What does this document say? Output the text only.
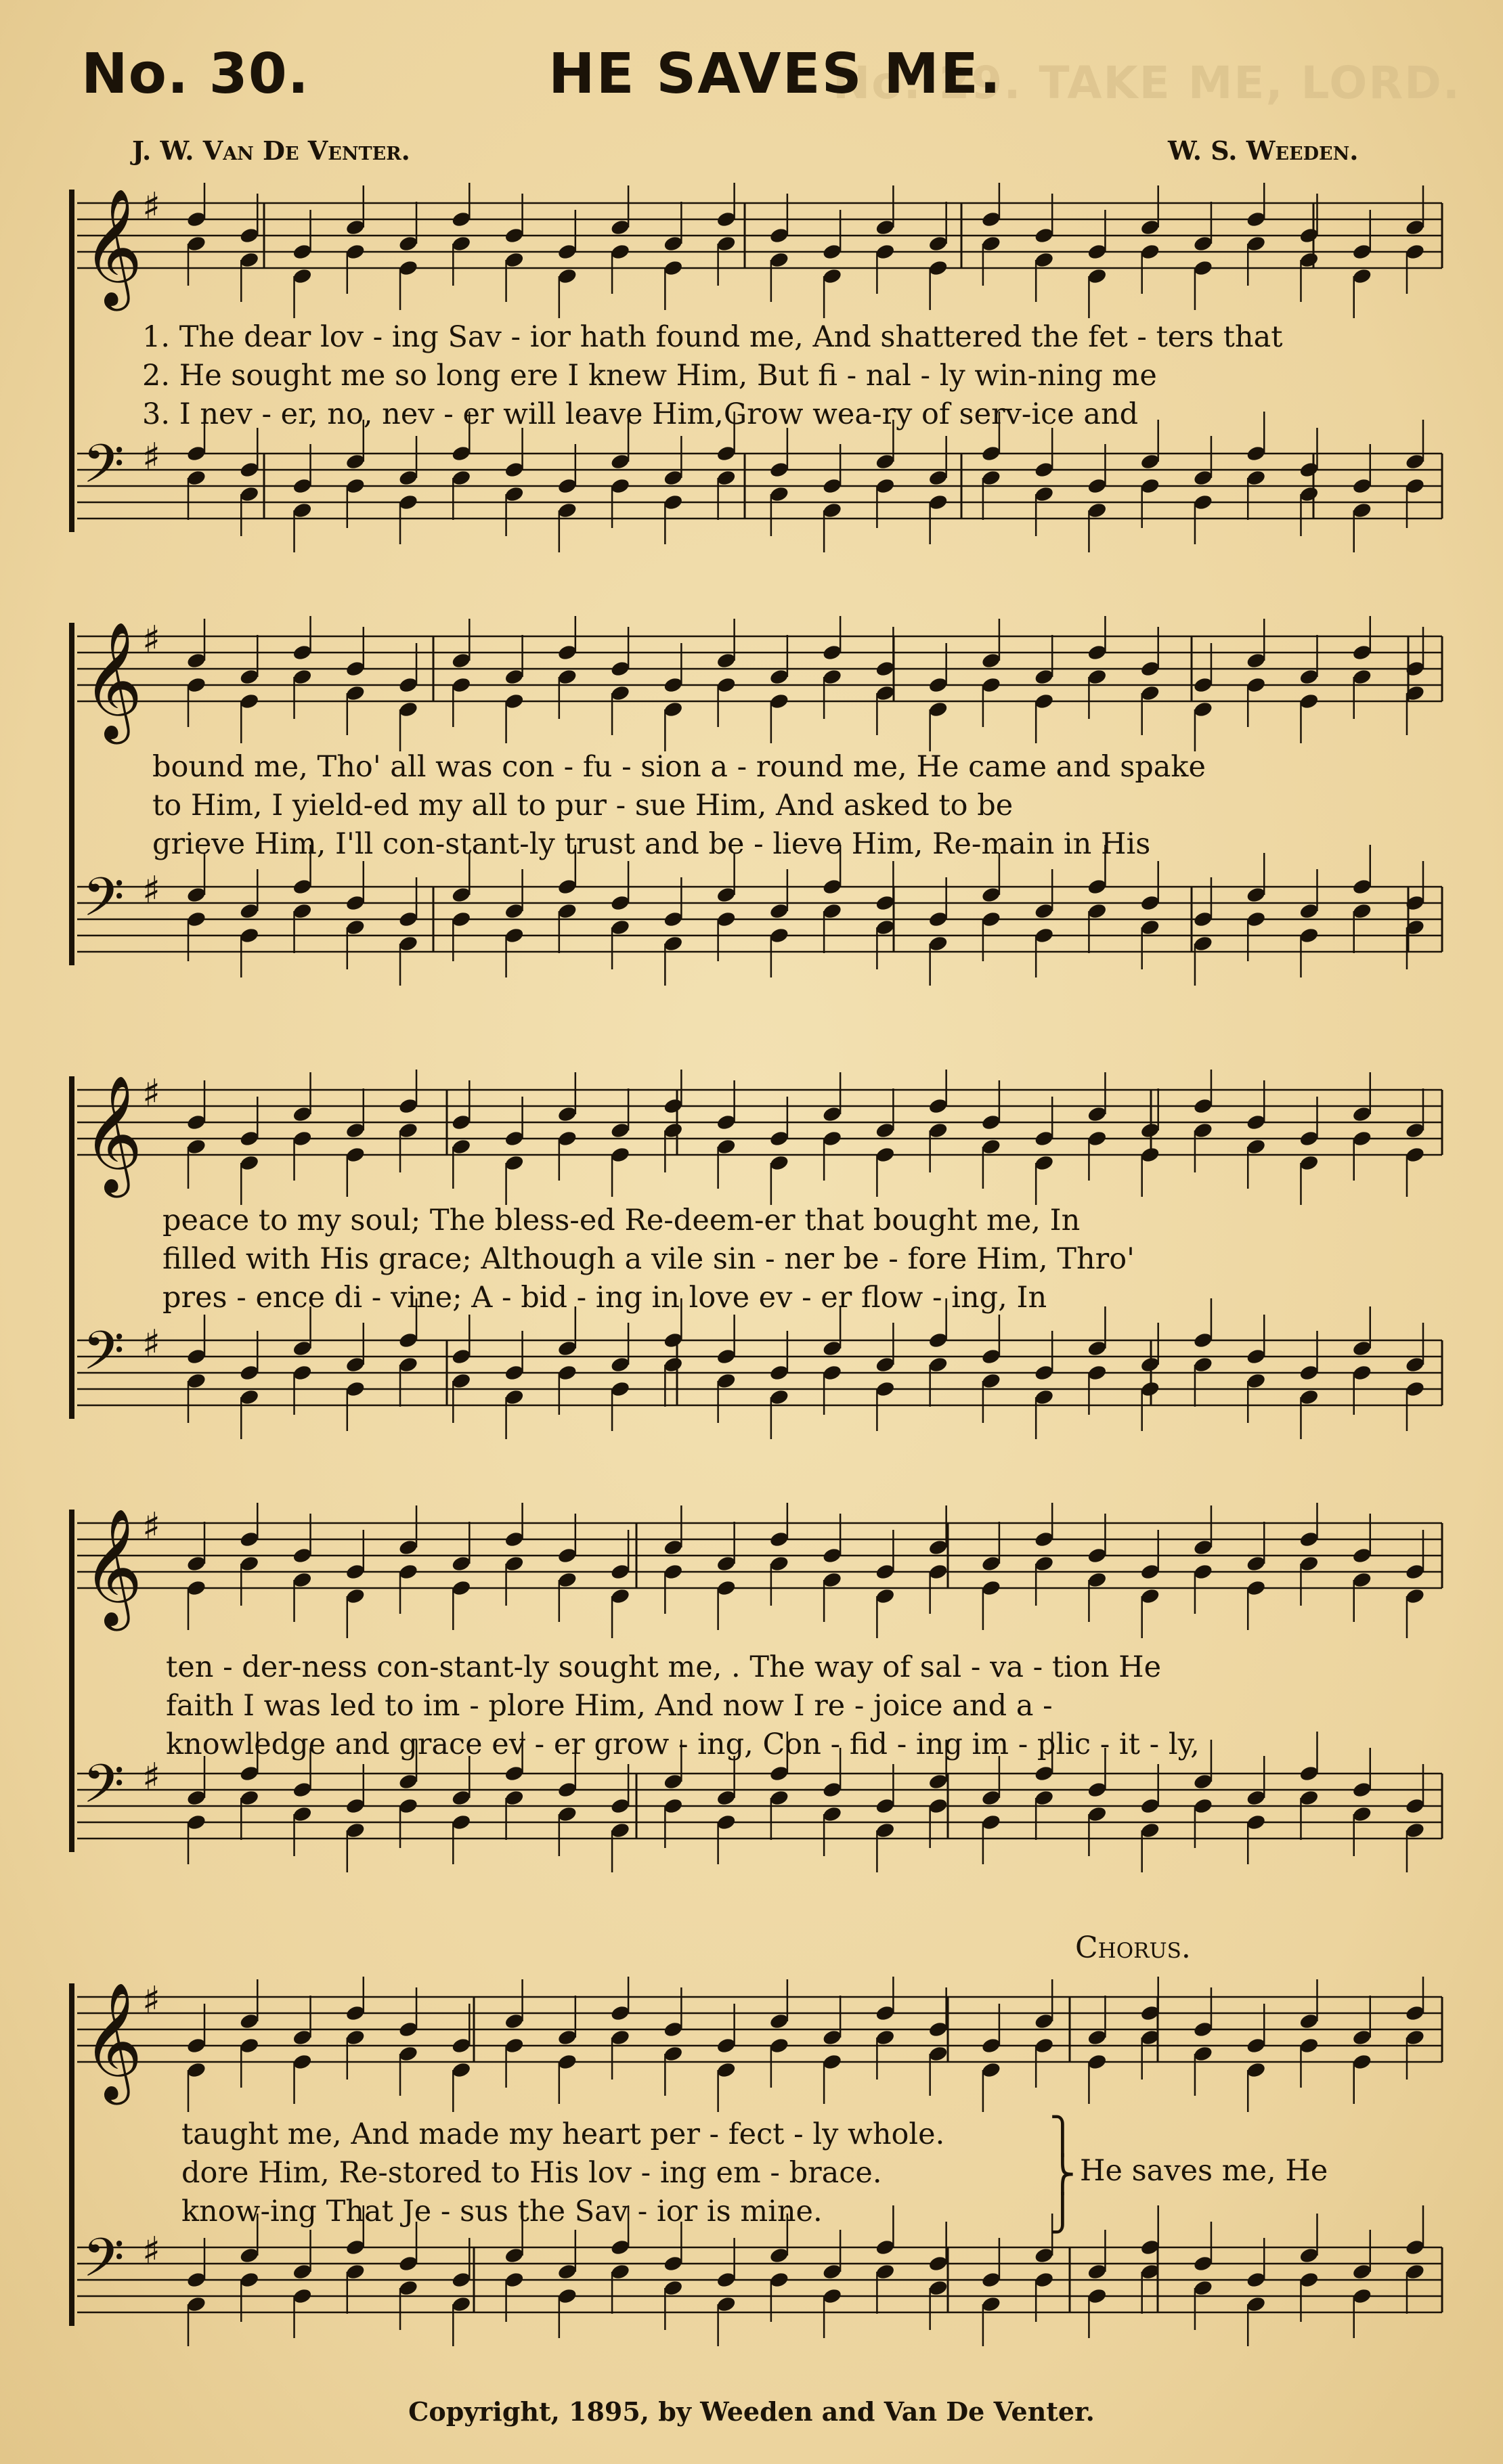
No. 29. TAKE ME, LORD.
No. 30.	HE SAVES ME.
J. W. Van De Venter.	W. S. Weeden.
𝄞 ♯
𝄢 ♯
1. The dear lov - ing Sav - ior hath found me, And shattered the fet - ters that
2. He sought me so long ere I knew Him, But fi - nal - ly win-ning me
3. I nev - er, no, nev - er will leave Him,Grow wea-ry of serv-ice and
𝄞 ♯
𝄢 ♯
bound me, Tho' all was con - fu - sion a - round me, He came and spake
to Him, I yield-ed my all to pur - sue Him, And asked to be
grieve Him, I'll con-stant-ly trust and be - lieve Him, Re-main in His
𝄞 ♯
𝄢 ♯
peace to my soul; The bless-ed Re-deem-er that bought me, In
filled with His grace; Although a vile sin - ner be - fore Him, Thro'
pres - ence di - vine; A - bid - ing in love ev - er flow - ing, In
𝄞 ♯
𝄢 ♯
ten - der-ness con-stant-ly sought me, . The way of sal - va - tion He
faith I was led to im - plore Him, And now I re - joice and a -
knowledge and grace ev - er grow - ing, Con - fid - ing im - plic - it - ly,
Chorus.
𝄞 ♯
𝄢 ♯
taught me, And made my heart per - fect - ly whole.
dore Him, Re-stored to His lov - ing em - brace.
know-ing That Je - sus the Sav - ior is mine.
⎫
⎬
⎭
He saves me, He
Copyright, 1895, by Weeden and Van De Venter.
